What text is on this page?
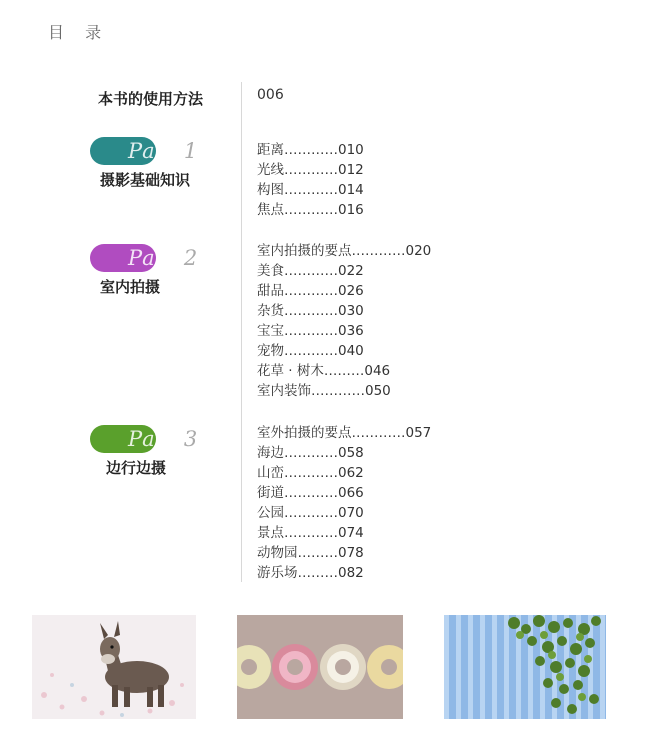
目 录
本书的使用方法	006
Part 1
摄影基础知识
距离…………010
光线…………012
构图…………014
焦点…………016
Part 2
室内拍摄
室内拍摄的要点…………020
美食…………022
甜品…………026
杂货…………030
宝宝…………036
宠物…………040
花草 · 树木………046
室内装饰…………050
Part 3
边行边摄
室外拍摄的要点…………057
海边…………058
山峦…………062
街道…………066
公园…………070
景点…………074
动物园………078
游乐场………082
